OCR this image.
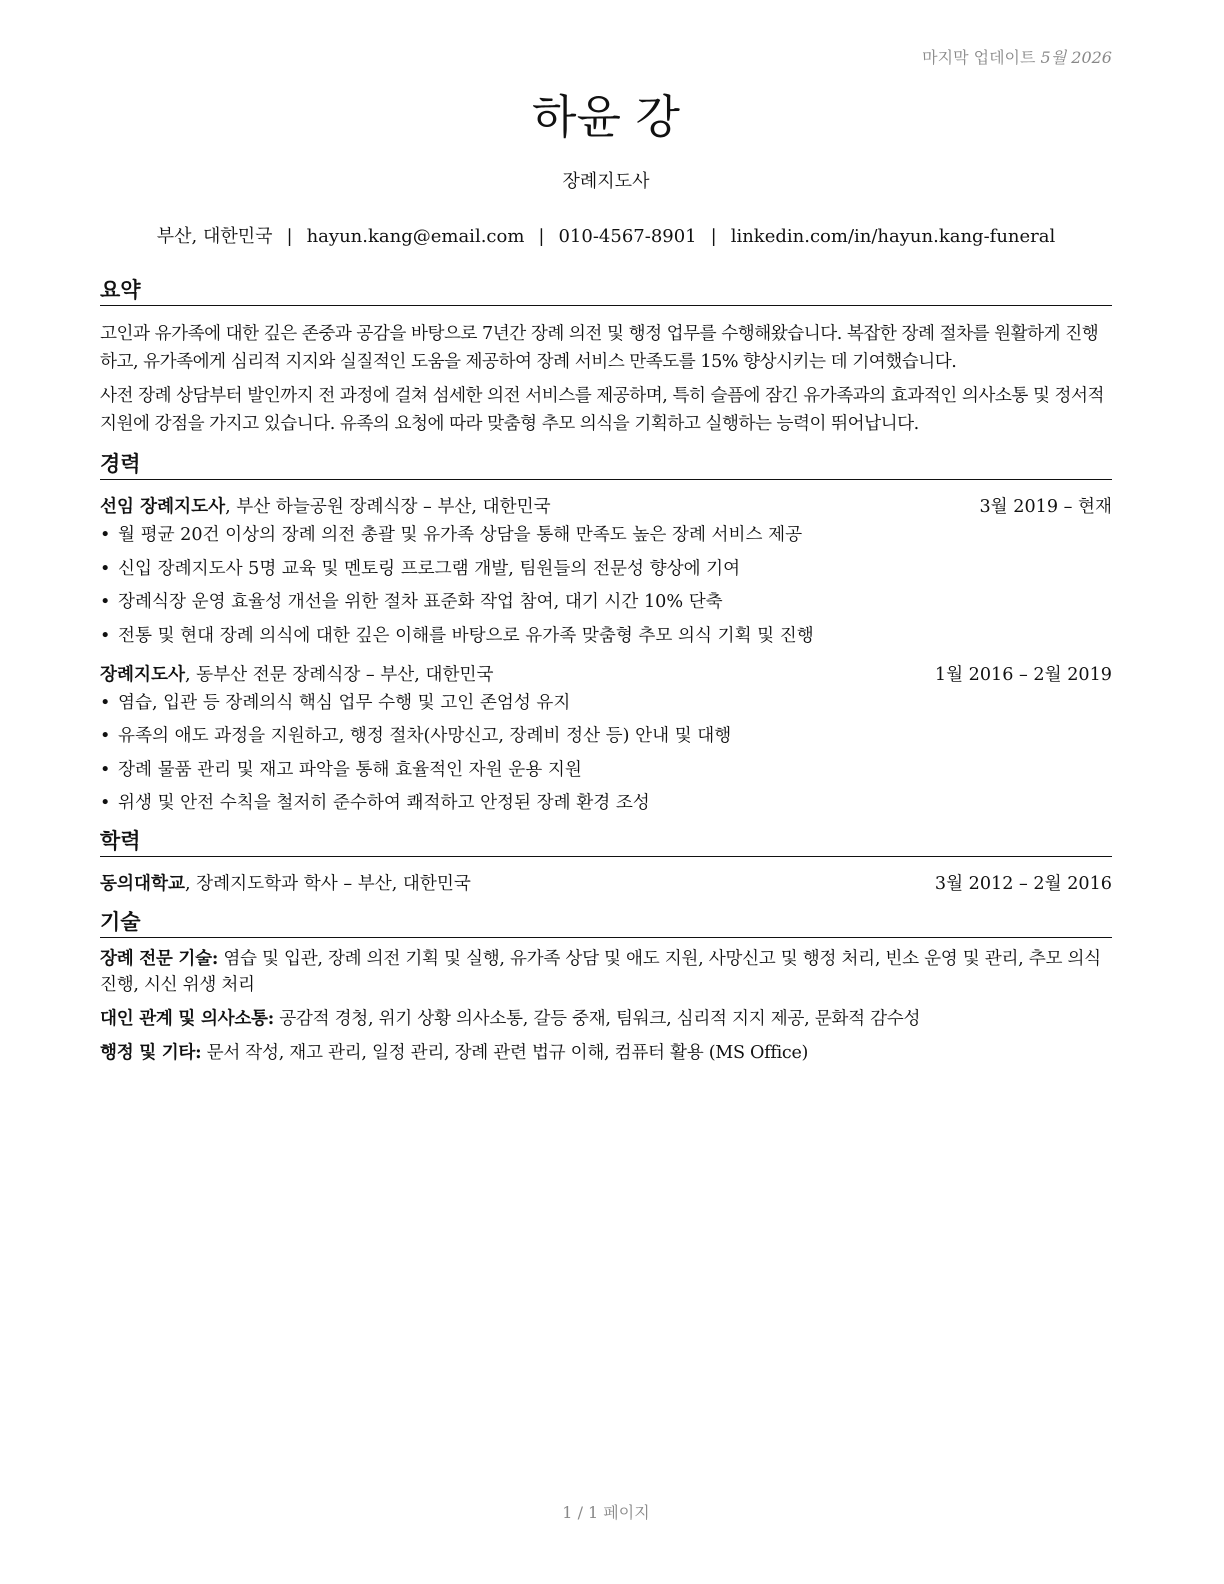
마지막 업데이트 5월 2026
하윤 강
장례지도사
부산, 대한민국 | hayun.kang@email.com | 010-4567-8901 | linkedin.com/in/hayun.kang-funeral
요약

고인과 유가족에 대한 깊은 존중과 공감을 바탕으로 7년간 장례 의전 및 행정 업무를 수행해왔습니다. 복잡한 장례 절차를 원활하게 진행하고, 유가족에게 심리적 지지와 실질적인 도움을 제공하여 장례 서비스 만족도를 15% 향상시키는 데 기여했습니다.

사전 장례 상담부터 발인까지 전 과정에 걸쳐 섬세한 의전 서비스를 제공하며, 특히 슬픔에 잠긴 유가족과의 효과적인 의사소통 및 정서적 지원에 강점을 가지고 있습니다. 유족의 요청에 따라 맞춤형 추모 의식을 기획하고 실행하는 능력이 뛰어납니다.

경력
선임 장례지도사, 부산 하늘공원 장례식장 – 부산, 대한민국	3월 2019 – 현재
• 월 평균 20건 이상의 장례 의전 총괄 및 유가족 상담을 통해 만족도 높은 장례 서비스 제공
• 신입 장례지도사 5명 교육 및 멘토링 프로그램 개발, 팀원들의 전문성 향상에 기여
• 장례식장 운영 효율성 개선을 위한 절차 표준화 작업 참여, 대기 시간 10% 단축
• 전통 및 현대 장례 의식에 대한 깊은 이해를 바탕으로 유가족 맞춤형 추모 의식 기획 및 진행
장례지도사, 동부산 전문 장례식장 – 부산, 대한민국	1월 2016 – 2월 2019
• 염습, 입관 등 장례의식 핵심 업무 수행 및 고인 존엄성 유지
• 유족의 애도 과정을 지원하고, 행정 절차(사망신고, 장례비 정산 등) 안내 및 대행
• 장례 물품 관리 및 재고 파악을 통해 효율적인 자원 운용 지원
• 위생 및 안전 수칙을 철저히 준수하여 쾌적하고 안정된 장례 환경 조성
학력
동의대학교, 장례지도학과 학사 – 부산, 대한민국	3월 2012 – 2월 2016
기술
장례 전문 기술: 염습 및 입관, 장례 의전 기획 및 실행, 유가족 상담 및 애도 지원, 사망신고 및 행정 처리, 빈소 운영 및 관리, 추모 의식 진행, 시신 위생 처리
대인 관계 및 의사소통: 공감적 경청, 위기 상황 의사소통, 갈등 중재, 팀워크, 심리적 지지 제공, 문화적 감수성
행정 및 기타: 문서 작성, 재고 관리, 일정 관리, 장례 관련 법규 이해, 컴퓨터 활용 (MS Office)
1 / 1 페이지
